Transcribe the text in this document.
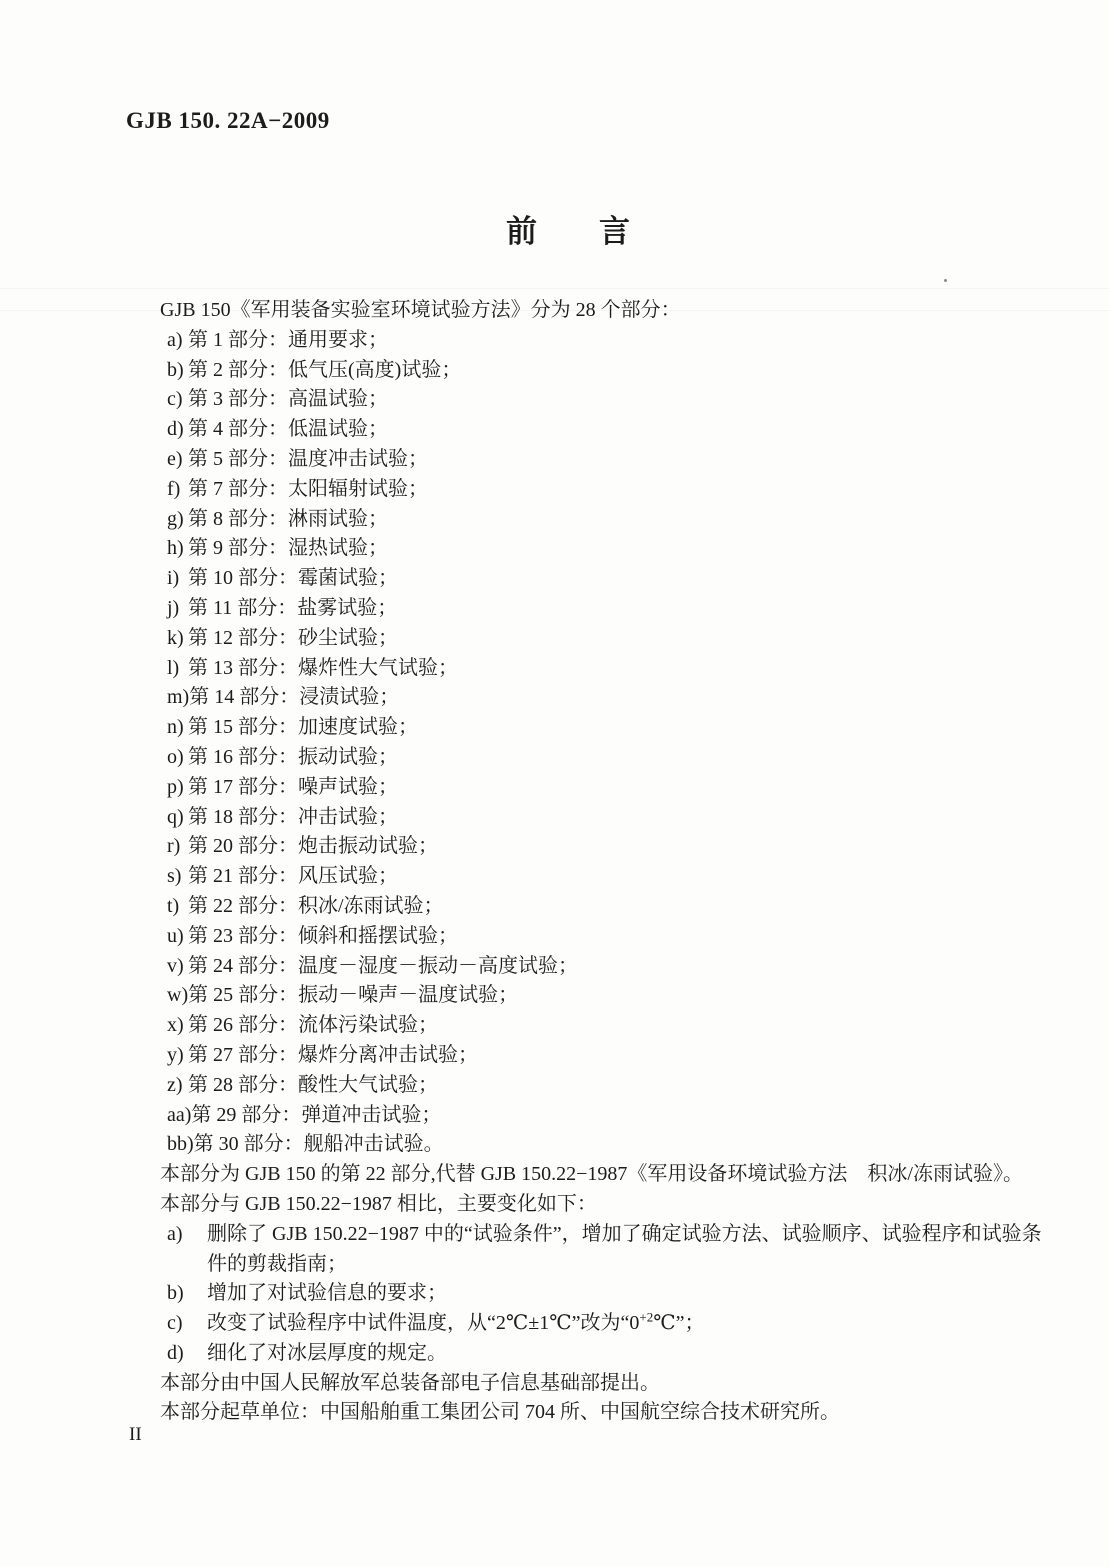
GJB 150. 22A−2009
前言

GJB 150《军用装备实验室环境试验方法》分为 28 个部分：

a) 第 1 部分：通用要求；
b) 第 2 部分：低气压(高度)试验；
c) 第 3 部分：高温试验；
d) 第 4 部分：低温试验；
e) 第 5 部分：温度冲击试验；
f) 第 7 部分：太阳辐射试验；
g) 第 8 部分：淋雨试验；
h) 第 9 部分：湿热试验；
i) 第 10 部分：霉菌试验；
j) 第 11 部分：盐雾试验；
k) 第 12 部分：砂尘试验；
l) 第 13 部分：爆炸性大气试验；
m) 第 14 部分：浸渍试验；
n) 第 15 部分：加速度试验；
o) 第 16 部分：振动试验；
p) 第 17 部分：噪声试验；
q) 第 18 部分：冲击试验；
r) 第 20 部分：炮击振动试验；
s) 第 21 部分：风压试验；
t) 第 22 部分：积冰/冻雨试验；
u) 第 23 部分：倾斜和摇摆试验；
v) 第 24 部分：温度－湿度－振动－高度试验；
w) 第 25 部分：振动－噪声－温度试验；
x) 第 26 部分：流体污染试验；
y) 第 27 部分：爆炸分离冲击试验；
z) 第 28 部分：酸性大气试验；
aa) 第 29 部分：弹道冲击试验；
bb) 第 30 部分：舰船冲击试验。

本部分为 GJB 150 的第 22 部分,代替 GJB 150.22−1987《军用设备环境试验方法　积冰/冻雨试验》。

本部分与 GJB 150.22−1987 相比，主要变化如下：

a)	删除了 GJB 150.22−1987 中的“试验条件”，增加了确定试验方法、试验顺序、试验程序和试验条件的剪裁指南；
b)	增加了对试验信息的要求；
c)	改变了试验程序中试件温度，从“2℃±1℃”改为“$0^{+2}℃$”；
d)	细化了对冰层厚度的规定。

本部分由中国人民解放军总装备部电子信息基础部提出。

本部分起草单位：中国船舶重工集团公司 704 所、中国航空综合技术研究所。

II
